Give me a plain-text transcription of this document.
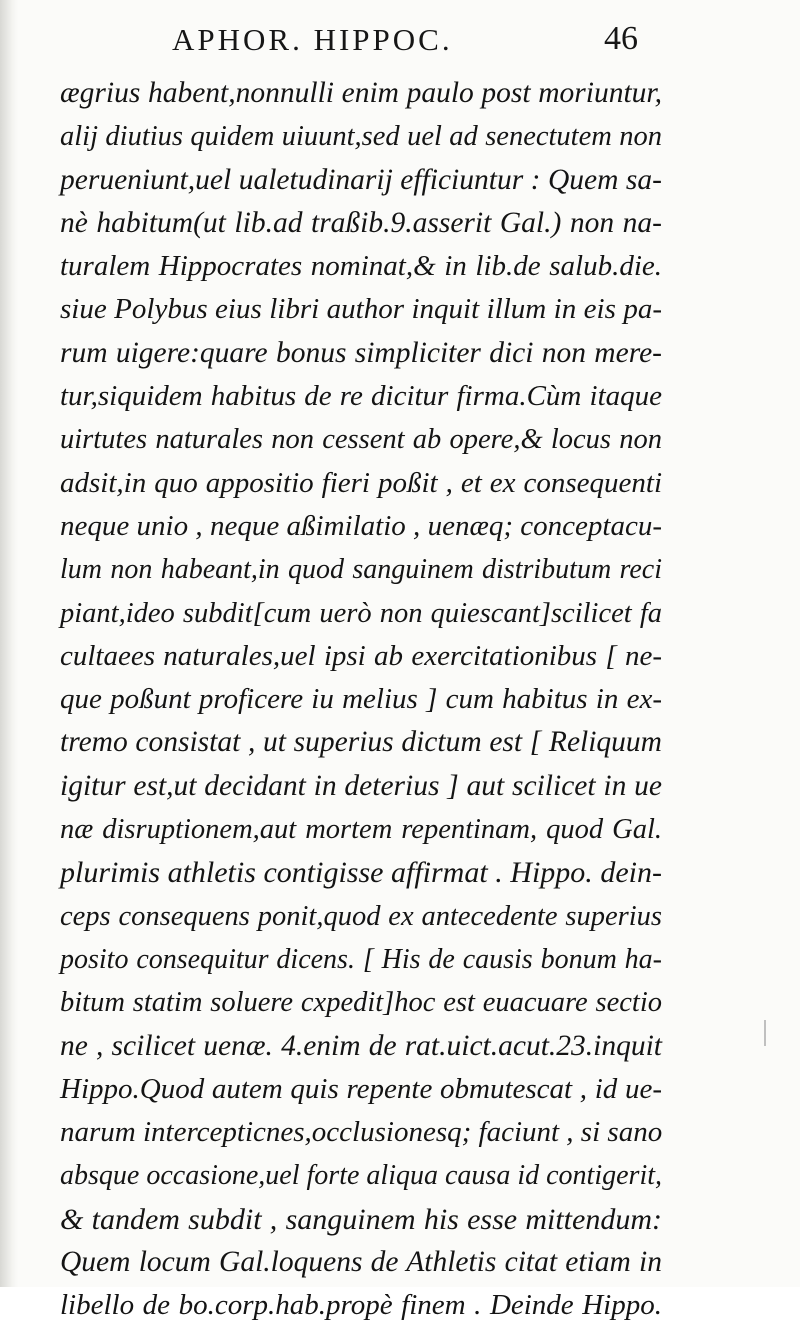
APHOR. HIPPOC.	46
ægrius habent,nonnulli enim paulo post moriuntur,
alij diutius quidem uiuunt,sed uel ad senectutem non
perueniunt,uel ualetudinarij efficiuntur : Quem sa-
nè habitum(ut lib.ad traßib.9.asserit Gal.) non na-
turalem Hippocrates nominat,& in lib.de salub.die.
siue Polybus eius libri author inquit illum in eis pa-
rum uigere:quare bonus simpliciter dici non mere-
tur,siquidem habitus de re dicitur firma.Cùm itaque
uirtutes naturales non cessent ab opere,& locus non
adsit,in quo appositio fieri poßit , et ex consequenti
neque unio , neque aßimilatio , uenæq; conceptacu-
lum non habeant,in quod sanguinem distributum reci
piant,ideo subdit[cum uerò non quiescant]scilicet fa
cultaees naturales,uel ipsi ab exercitationibus [ ne-
que poßunt proficere iu melius ] cum habitus in ex-
tremo consistat , ut superius dictum est [ Reliquum
igitur est,ut decidant in deterius ] aut scilicet in ue
næ disruptionem,aut mortem repentinam, quod Gal.
plurimis athletis contigisse affirmat . Hippo. dein-
ceps consequens ponit,quod ex antecedente superius
posito consequitur dicens. [ His de causis bonum ha-
bitum statim soluere cxpedit]hoc est euacuare sectio
ne , scilicet uenæ. 4.enim de rat.uict.acut.23.inquit
Hippo.Quod autem quis repente obmutescat , id ue-
narum intercepticnes,occlusionesq; faciunt , si sano
absque occasione,uel forte aliqua causa id contigerit,
& tandem subdit , sanguinem his esse mittendum:
Quem locum Gal.loquens de Athletis citat etiam in
libello de bo.corp.hab.propè finem . Deinde Hippo.
